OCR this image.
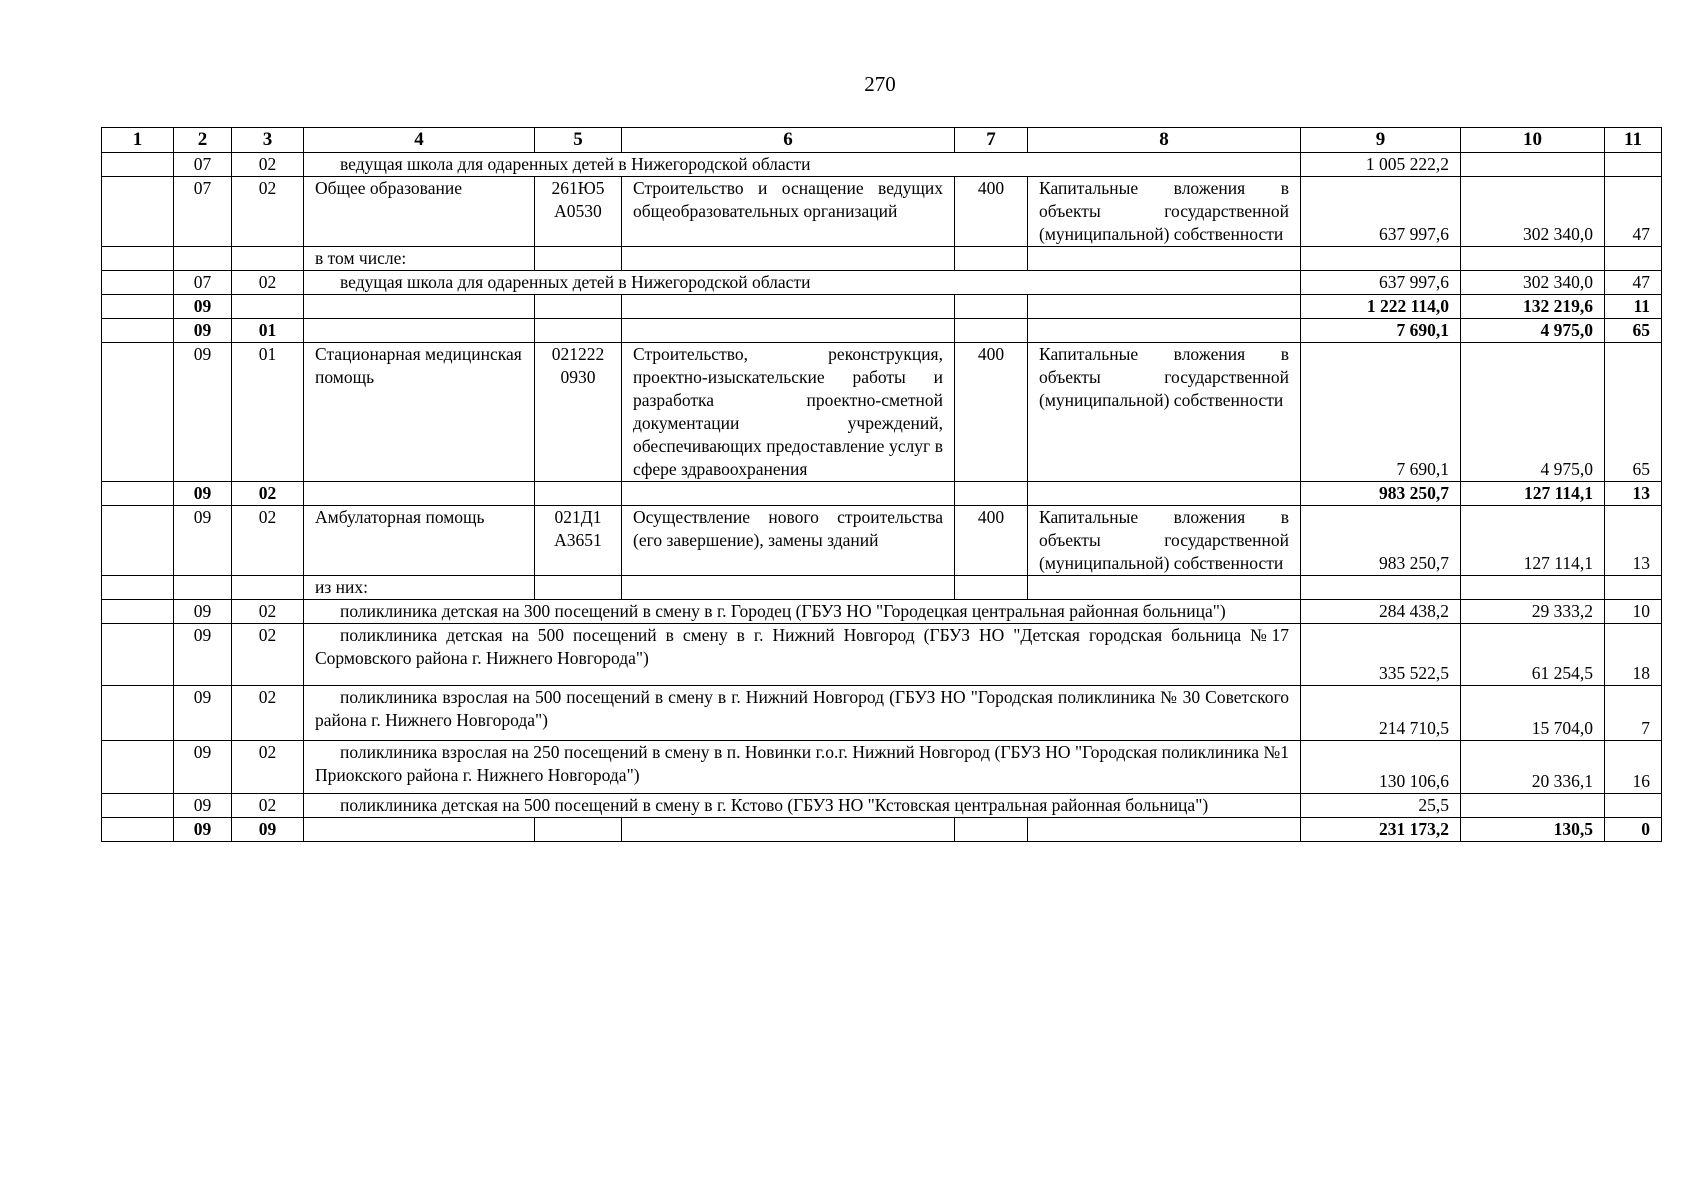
270
1	2	3	4	5	6	7	8	9	10	11
	07	02	ведущая школа для одаренных детей в Нижегородской области					1 005 222,2		
	07	02	Общее образование	261Ю5 А0530	Строительство и оснащение ведущих общеобразовательных организаций	400	Капитальные вложения в объекты государственной (муниципальной) собственности	637 997,6	302 340,0	47
			в том числе:							
	07	02	ведущая школа для одаренных детей в Нижегородской области					637 997,6	302 340,0	47
	09							1 222 114,0	132 219,6	11
	09	01						7 690,1	4 975,0	65
	09	01	Стационарная медицинская помощь	021222 0930	Строительство, реконструкция, проектно-изыскательские работы и разработка проектно-сметной документации учреждений, обеспечивающих предоставление услуг в сфере здравоохранения	400	Капитальные вложения в объекты государственной (муниципальной) собственности	7 690,1	4 975,0	65
	09	02						983 250,7	127 114,1	13
	09	02	Амбулаторная помощь	021Д1 А3651	Осуществление нового строительства (его завершение), замены зданий	400	Капитальные вложения в объекты государственной (муниципальной) собственности	983 250,7	127 114,1	13
			из них:							
	09	02	поликлиника детская на 300 посещений в смену в г. Городец (ГБУЗ НО "Городецкая центральная районная больница")					284 438,2	29 333,2	10
	09	02	поликлиника детская на 500 посещений в смену в г. Нижний Новгород (ГБУЗ НО "Детская городская больница №17 Сормовского района г. Нижнего Новгорода")					335 522,5	61 254,5	18
	09	02	поликлиника взрослая на 500 посещений в смену в г. Нижний Новгород (ГБУЗ НО "Городская поликлиника № 30 Советского района г. Нижнего Новгорода")					214 710,5	15 704,0	7
	09	02	поликлиника взрослая на 250 посещений в смену в п. Новинки г.о.г. Нижний Новгород (ГБУЗ НО "Городская поликлиника №1 Приокского района г. Нижнего Новгорода")					130 106,6	20 336,1	16
	09	02	поликлиника детская на 500 посещений в смену в г. Кстово (ГБУЗ НО "Кстовская центральная районная больница")					25,5		
	09	09						231 173,2	130,5	0
